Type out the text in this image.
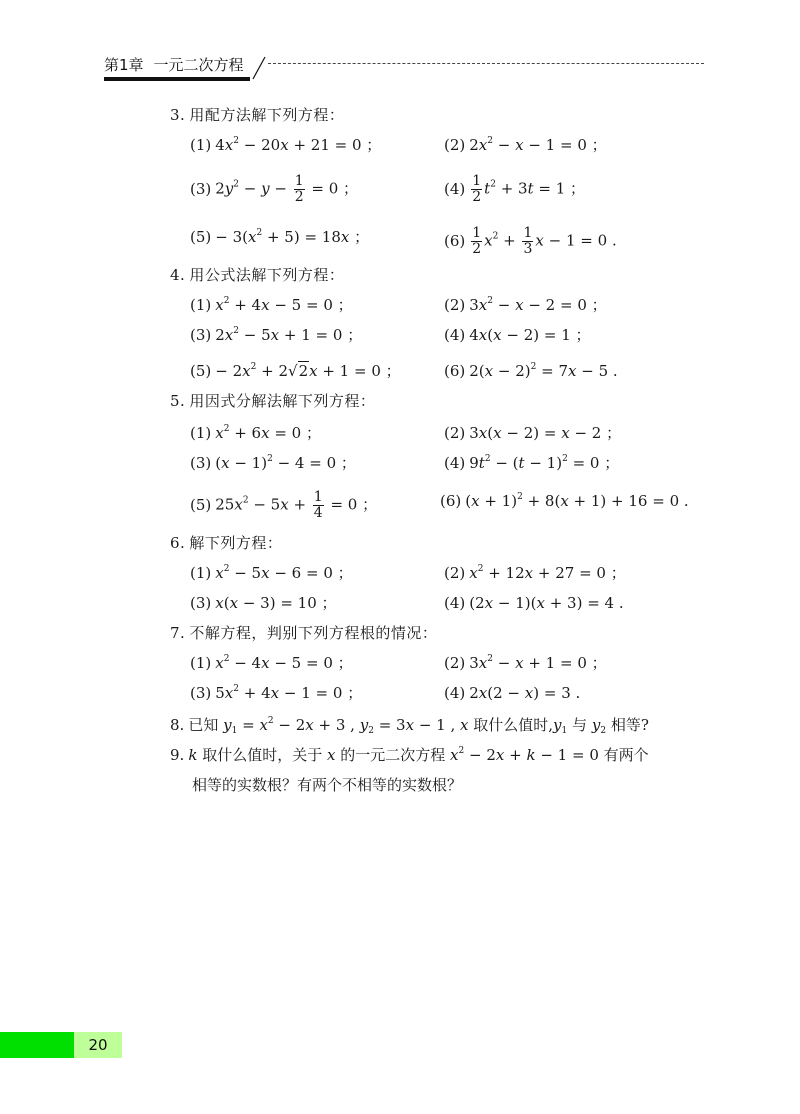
第1章 一元二次方程
3. 用配方法解下列方程：
(1) $4x^2 - 20x + 21 = 0$ ；	(2) $2x^2 - x - 1 = 0$ ；
(3) $2y^2 - y - \frac{1}{2} = 0$ ；	$(4) \frac{1}{2} t^2 + 3t = 1$ ；
$(5) - 3(x^2 + 5) = 18x$ ；	$(6) \frac{1}{2} x^2 + \frac{1}{3}$ x − 1 = 0 .
4. 用公式法解下列方程：
(1) $x^2 + 4x - 5 = 0$ ；	(2) $3x^2 - x - 2 = 0$ ；
(3) $2x^2 - 5x + 1 = 0$ ；	(4) 4x(x − 2) = 1 ；
$(5) - 2x^2 + 2√2x + 1 = 0$ ；	(6) $2(x - 2)^2 = 7x - 5$ .
5. 用因式分解法解下列方程：
(1) $x^2 + 6x = 0$ ；	(2) 3x(x − 2) = x − 2 ；
(3) $(x - 1)^2 - 4 = 0$ ；	(4) $9t^2 - (t - 1)^2 = 0$ ；
(5) $25x^2 - 5x + \frac{1}{4} = 0$ ；	(6) $(x + 1)^2 + 8(x + 1) + 16 = 0$ .
6. 解下列方程：
(1) $x^2 - 5x - 6 = 0$ ；	(2) $x^2 + 12x + 27 = 0$ ；
(3) x(x − 3) = 10 ；	(4) (2x − 1)(x + 3) = 4 .
7. 不解方程，判别下列方程根的情况：
(1) $x^2 - 4x - 5 = 0$ ；	(2) $3x^2 - x + 1 = 0$ ；
(3) $5x^2 + 4x - 1 = 0$ ；	(4) 2x(2 − x) = 3 .
8. 已知 $y_1 = x^2 - 2x + 3$ , $y_2 = 3x - 1$ , x 取什么值时$,y_1$ 与 $y_2$ 相等?
9. k 取什么值时，关于 x 的一元二次方程 $x^2 - 2x + k - 1 = 0$ 有两个
相等的实数根？有两个不相等的实数根？
20
